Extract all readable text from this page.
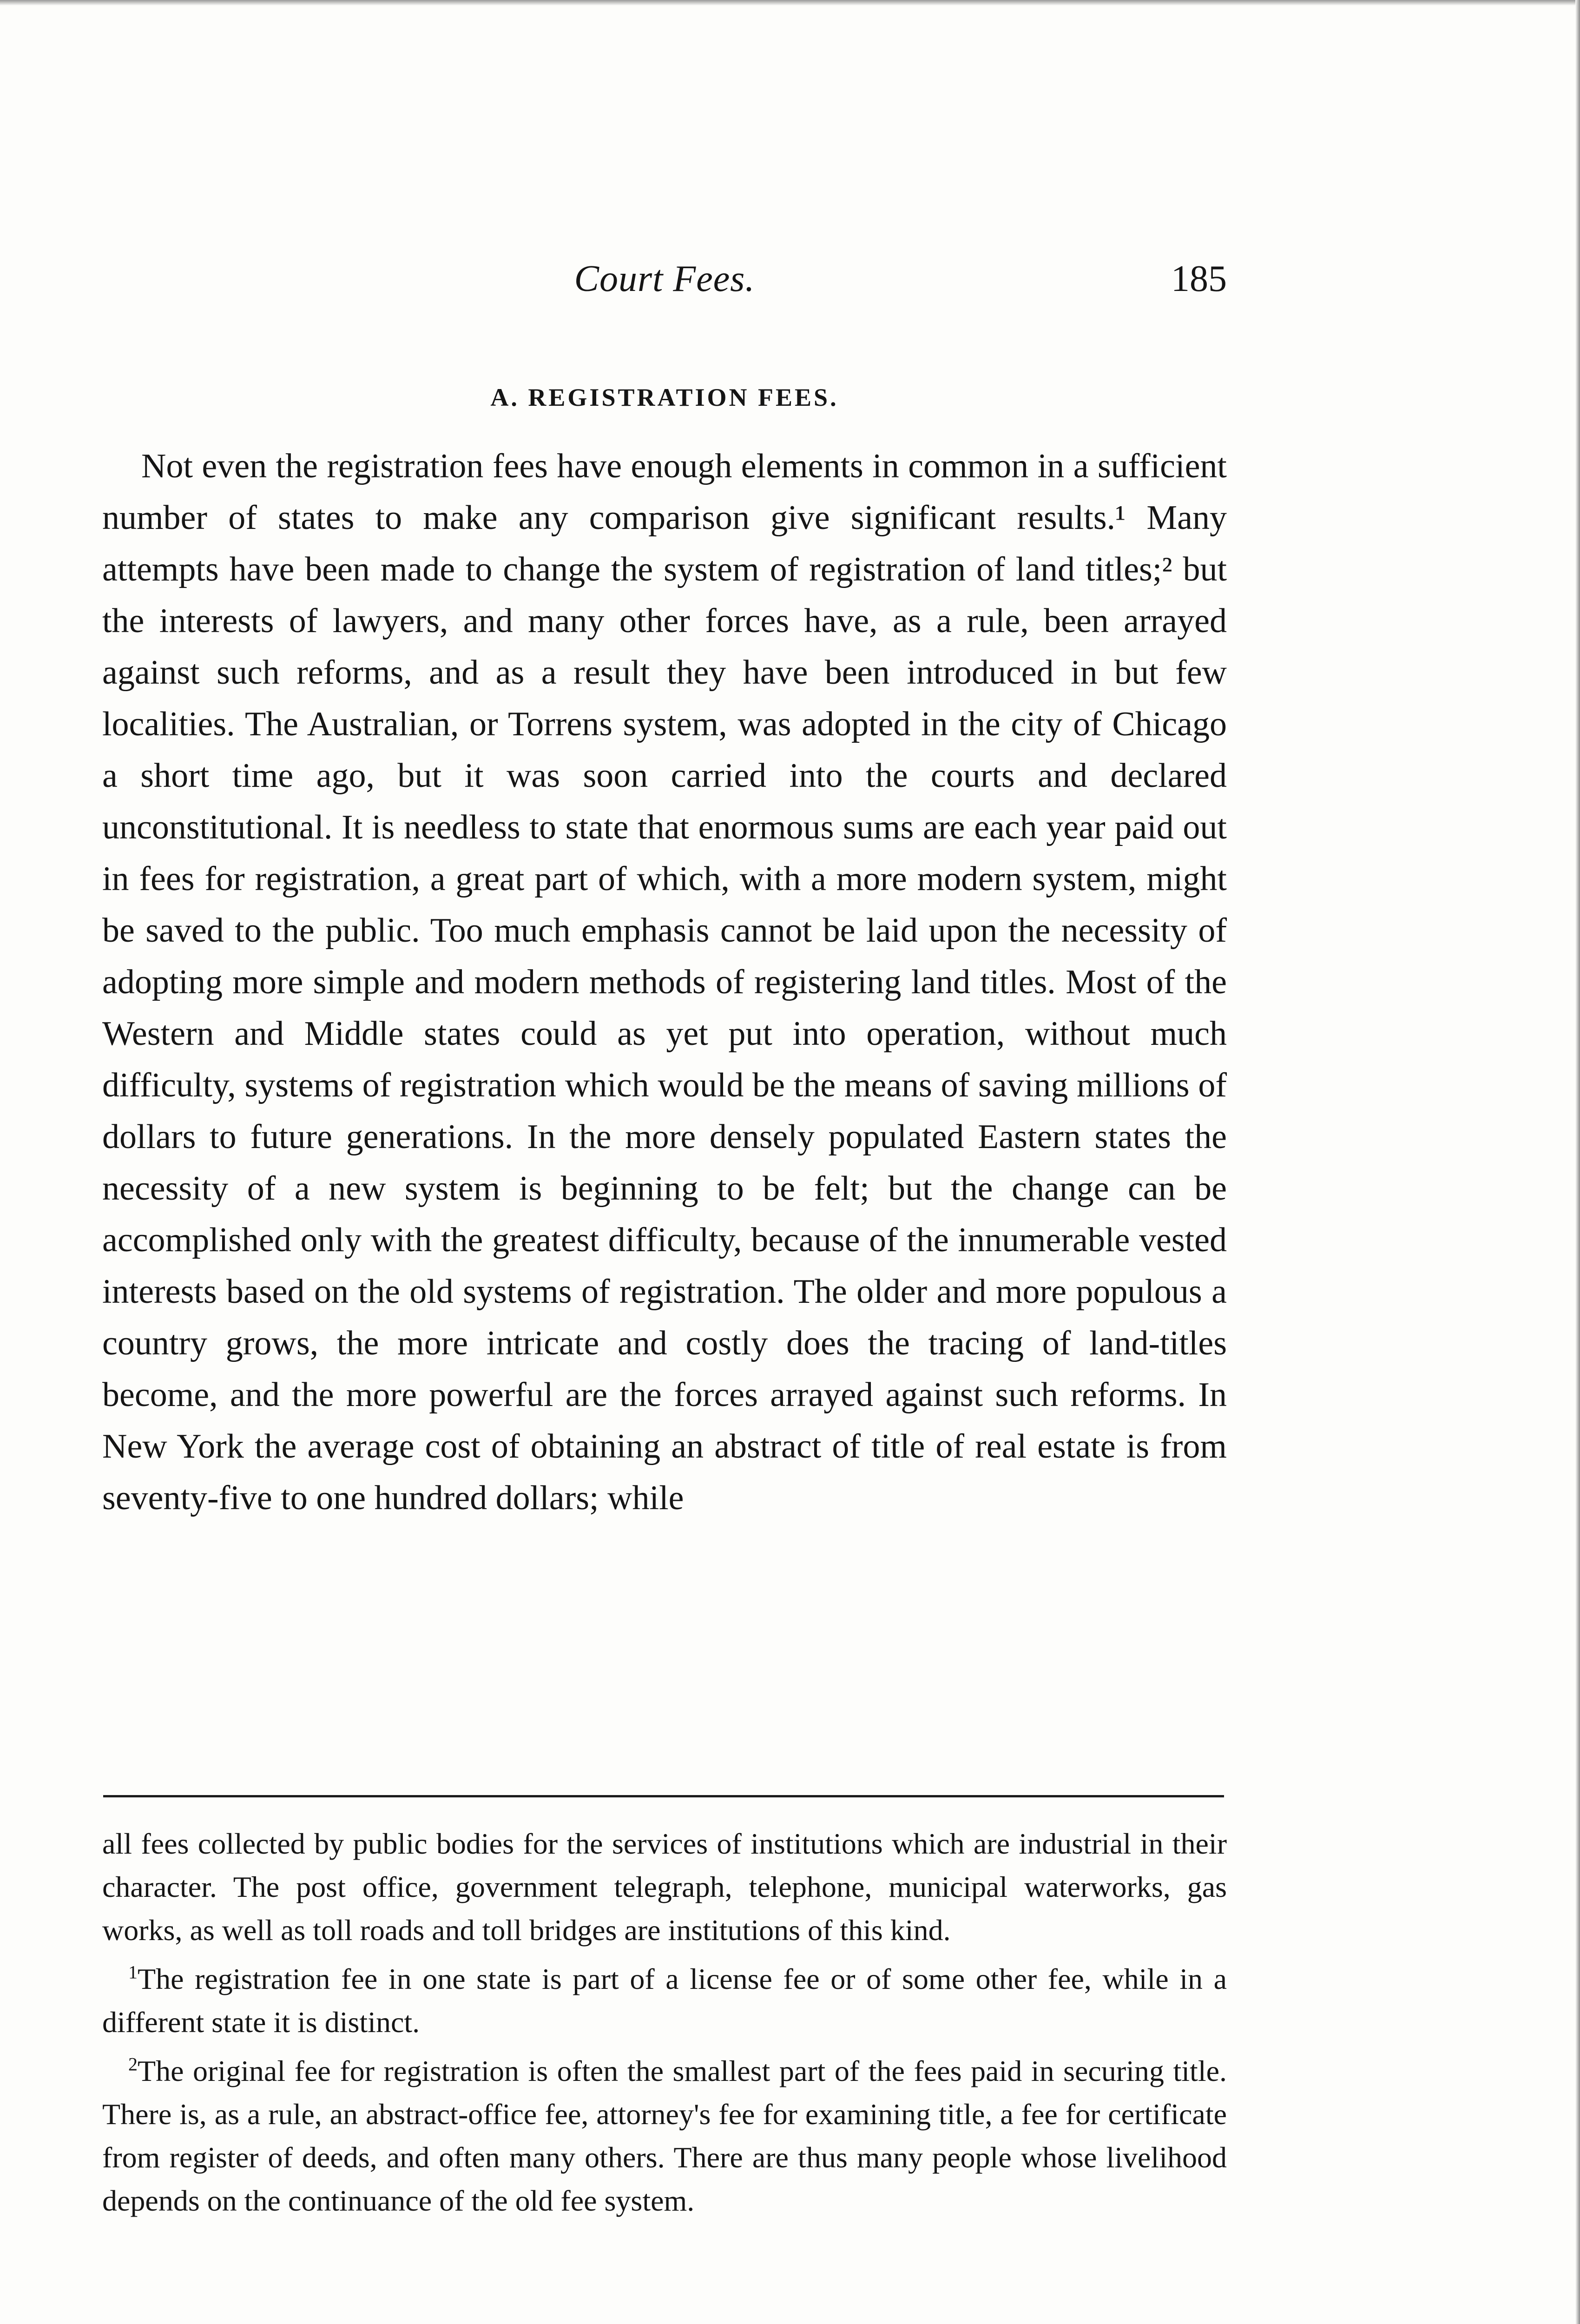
Court Fees.	185
A. REGISTRATION FEES.

Not even the registration fees have enough elements in common in a sufficient number of states to make any comparison give significant results.¹ Many attempts have been made to change the system of registration of land titles;² but the interests of lawyers, and many other forces have, as a rule, been arrayed against such reforms, and as a result they have been introduced in but few localities. The Australian, or Torrens system, was adopted in the city of Chicago a short time ago, but it was soon carried into the courts and declared unconstitutional. It is needless to state that enormous sums are each year paid out in fees for registration, a great part of which, with a more modern system, might be saved to the public. Too much emphasis cannot be laid upon the necessity of adopting more simple and modern methods of registering land titles. Most of the Western and Middle states could as yet put into operation, without much difficulty, systems of registration which would be the means of saving millions of dollars to future generations. In the more densely populated Eastern states the necessity of a new system is beginning to be felt; but the change can be accomplished only with the greatest difficulty, because of the innumerable vested interests based on the old systems of registration. The older and more populous a country grows, the more intricate and costly does the tracing of land-titles become, and the more powerful are the forces arrayed against such reforms. In New York the average cost of obtaining an abstract of title of real estate is from seventy-five to one hundred dollars; while

all fees collected by public bodies for the services of institutions which are industrial in their character. The post office, government telegraph, telephone, municipal waterworks, gas works, as well as toll roads and toll bridges are institutions of this kind.

$^1$The registration fee in one state is part of a license fee or of some other fee, while in a different state it is distinct.

$^2$The original fee for registration is often the smallest part of the fees paid in securing title. There is, as a rule, an abstract-office fee, attorney's fee for examining title, a fee for certificate from register of deeds, and often many others. There are thus many people whose livelihood depends on the continuance of the old fee system.
